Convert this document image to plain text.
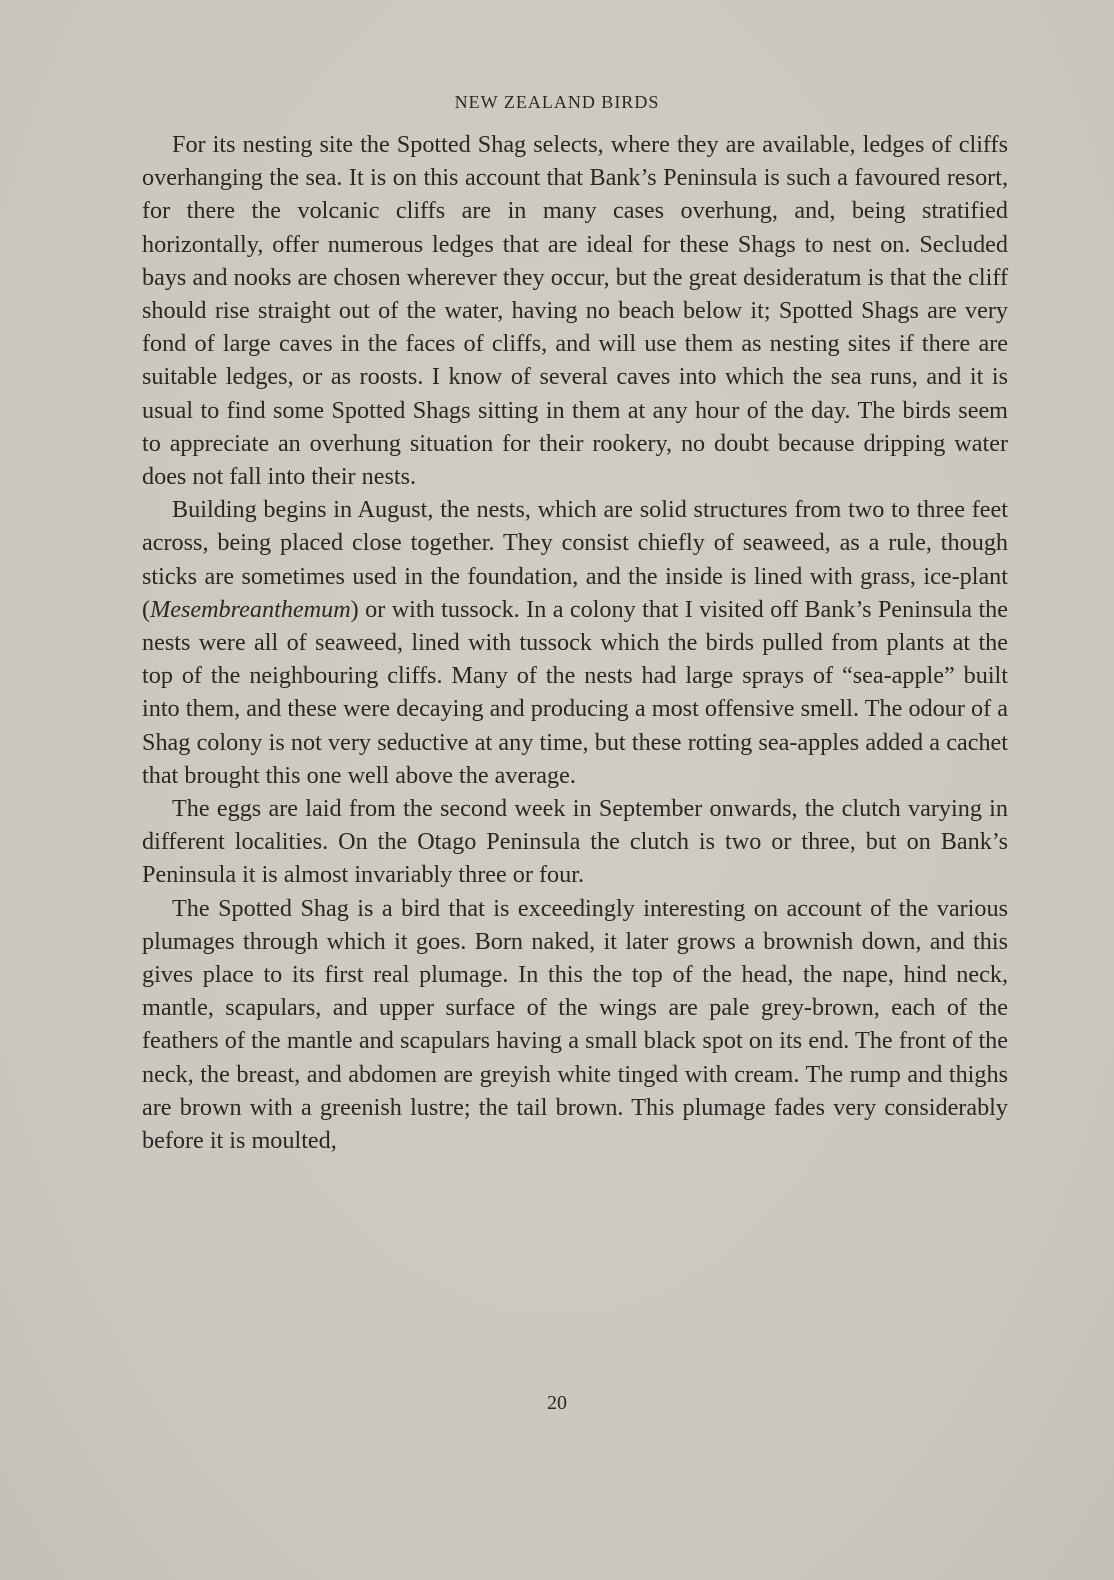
NEW ZEALAND BIRDS

For its nesting site the Spotted Shag selects, where they are available, ledges of cliffs overhanging the sea. It is on this account that Bank’s Peninsula is such a favoured resort, for there the volcanic cliffs are in many cases overhung, and, being stratified horizontally, offer numerous ledges that are ideal for these Shags to nest on. Secluded bays and nooks are chosen wherever they occur, but the great desideratum is that the cliff should rise straight out of the water, having no beach below it; Spotted Shags are very fond of large caves in the faces of cliffs, and will use them as nesting sites if there are suitable ledges, or as roosts. I know of several caves into which the sea runs, and it is usual to find some Spotted Shags sitting in them at any hour of the day. The birds seem to appreciate an overhung situation for their rookery, no doubt because dripping water does not fall into their nests.

Building begins in August, the nests, which are solid structures from two to three feet across, being placed close together. They consist chiefly of seaweed, as a rule, though sticks are sometimes used in the foundation, and the inside is lined with grass, ice-plant (Mesembreanthemum) or with tussock. In a colony that I visited off Bank’s Peninsula the nests were all of seaweed, lined with tussock which the birds pulled from plants at the top of the neighbouring cliffs. Many of the nests had large sprays of “sea-apple” built into them, and these were decaying and producing a most offensive smell. The odour of a Shag colony is not very seductive at any time, but these rotting sea-apples added a cachet that brought this one well above the average.

The eggs are laid from the second week in September onwards, the clutch varying in different localities. On the Otago Peninsula the clutch is two or three, but on Bank’s Peninsula it is almost invariably three or four.

The Spotted Shag is a bird that is exceedingly interesting on account of the various plumages through which it goes. Born naked, it later grows a brownish down, and this gives place to its first real plumage. In this the top of the head, the nape, hind neck, mantle, scapulars, and upper surface of the wings are pale grey-brown, each of the feathers of the mantle and scapulars having a small black spot on its end. The front of the neck, the breast, and abdomen are greyish white tinged with cream. The rump and thighs are brown with a greenish lustre; the tail brown. This plumage fades very considerably before it is moulted,

20
